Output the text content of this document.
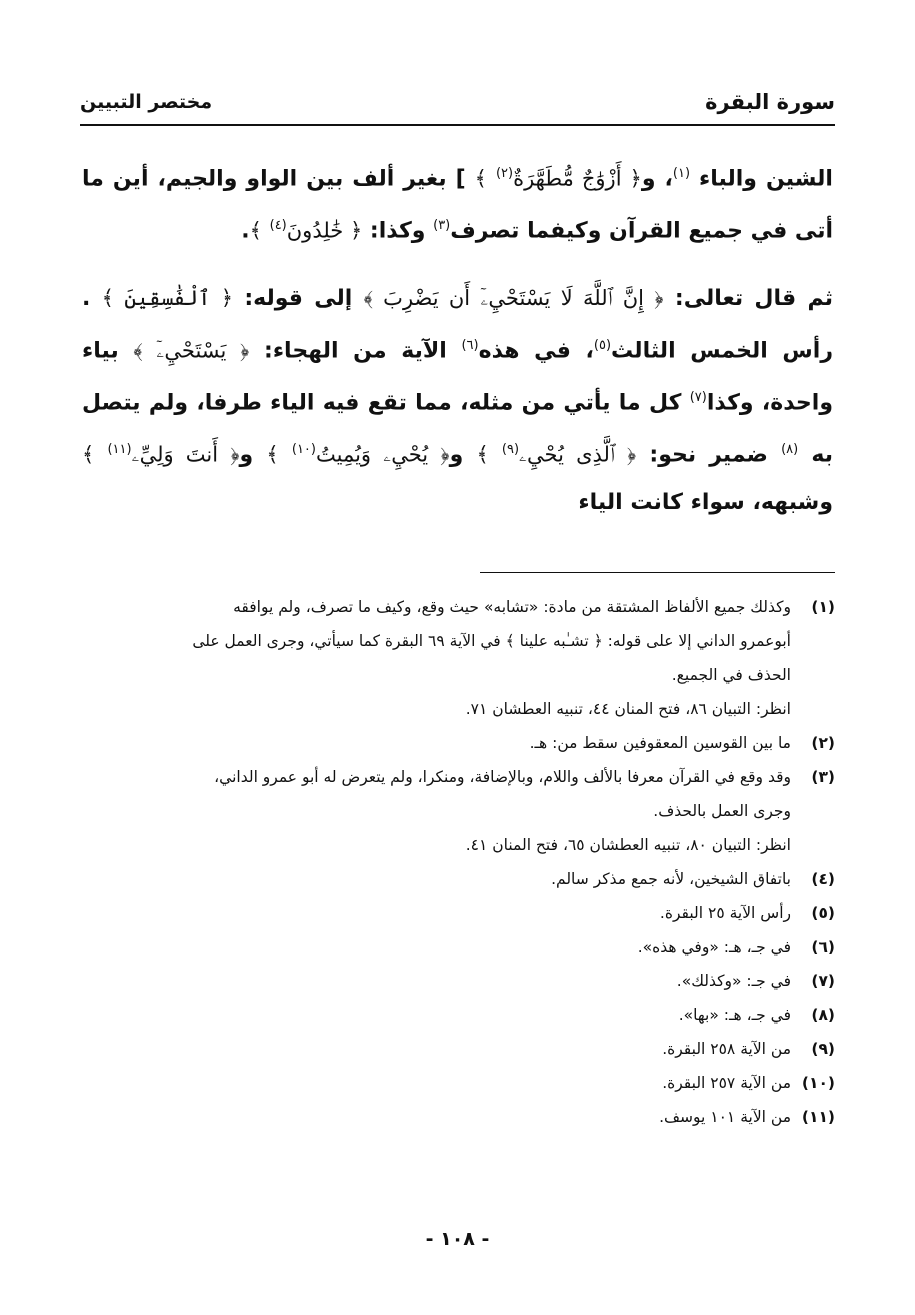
سورة البقرة
مختصر التبيين

الشين والباء $^{(١)}$، و﴿ أَزْوَٰجٌ مُّطَهَّرَةٌ$^{(٢)}$ ﴾ ] بغير ألف بين الواو والجيم، أين ما أتى في جميع القرآن وكيفما تصرف$^{(٣)}$ وكذا: ﴿ خَٰلِدُونَ$^{(٤)}$ ﴾.

ثم قال تعالى: ﴿ إِنَّ ٱللَّهَ لَا يَسْتَحْيِۦٓ أَن يَضْرِبَ ﴾ إلى قوله: ﴿ ٱلْفَٰسِقِينَ ﴾ . رأس الخمس الثالث$^{(٥)}$، في هذه$^{(٦)}$ الآية من الهجاء: ﴿ يَسْتَحْيِۦٓ ﴾ بياء واحدة، وكذا$^{(٧)}$ كل ما يأتي من مثله، مما تقع فيه الياء طرفا، ولم يتصل به $^{(٨)}$ ضمير نحو: ﴿ ٱلَّذِى يُحْيِۦ$^{(٩)}$ ﴾ و﴿ يُحْيِۦ وَيُمِيتُ$^{(١٠)}$ ﴾ و﴿ أَنتَ وَلِيِّۦ$^{(١١)}$ ﴾ وشبهه، سواء كانت الياء

(١)
وكذلك جميع الألفاظ المشتقة من مادة: «تشابه» حيث وقع، وكيف ما تصرف، ولم يوافقه
أبوعمرو الداني إلا على قوله: ﴿ تشـٰبه علينا ﴾ في الآية ٦٩ البقرة كما سيأتي، وجرى العمل على
الحذف في الجميع.
انظر: التبيان ٨٦، فتح المنان ٤٤، تنبيه العطشان ٧١.
(٢)
ما بين القوسين المعقوفين سقط من: هـ.
(٣)
وقد وقع في القرآن معرفا بالألف واللام، وبالإضافة، ومنكرا، ولم يتعرض له أبو عمرو الداني،
وجرى العمل بالحذف.
انظر: التبيان ٨٠، تنبيه العطشان ٦٥، فتح المنان ٤١.
(٤)
باتفاق الشيخين، لأنه جمع مذكر سالم.
(٥)
رأس الآية ٢٥ البقرة.
(٦)
في جـ، هـ: «وفي هذه».
(٧)
في جـ: «وكذلك».
(٨)
في جـ، هـ: «بها».
(٩)
من الآية ٢٥٨ البقرة.
(١٠)
من الآية ٢٥٧ البقرة.
(١١)
من الآية ١٠١ يوسف.
- ١٠٨ -
